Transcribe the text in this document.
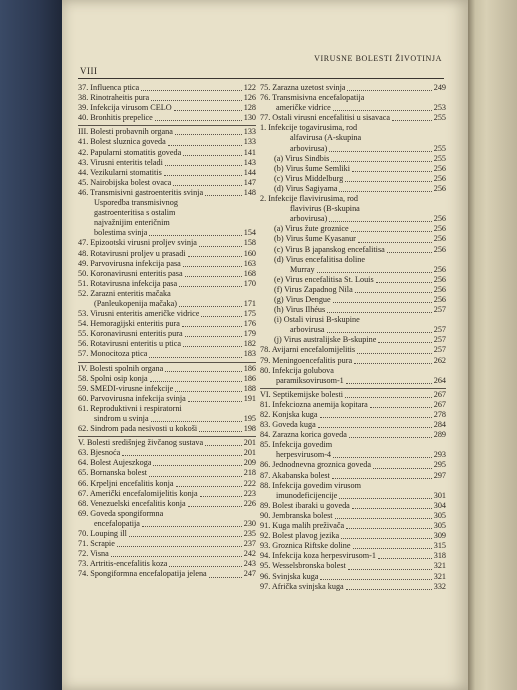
VIII
VIRUSNE BOLESTI ŽIVOTINJA
37. Influenca ptica	122
38. Rinotraheitis pura	126
39. Infekcija virusom CELO	128
40. Bronhitis prepelice	130
III. Bolesti probavnih organa	133
41. Bolest sluznica goveda	133
42. Papularni stomatitis goveda	141
43. Virusni enteritis teladi	143
44. Vezikularni stomatitis	144
45. Nairobijska bolest ovaca	147
46. Transmisivni gastroenteritis svinja	148
Usporedba transmisivnog
gastroenteritisa s ostalim
najvažnijim enteričnim
bolestima svinja	154
47. Epizootski virusni proljev svinja	158
48. Rotavirusni proljev u prasadi	160
49. Parvovirusna infekcija pasa	163
50. Koronavirusni enteritis pasa	168
51. Rotavirusna infekcija pasa	170
52. Zarazni enteritis mačaka
(Panleukopenija mačaka)	171
53. Virusni enteritis američke vidrice	175
54. Hemoragijski enteritis pura	176
55. Koronavirusni enteritis pura	179
56. Rotavirusni enteritis u ptica	182
57. Monocitoza ptica	183
IV. Bolesti spolnih organa	186
58. Spolni osip konja	186
59. SMEDI-virusne infekcije	188
60. Parvovirusna infekcija svinja	191
61. Reproduktivni i respiratorni
sindrom u svinja	195
62. Sindrom pada nesivosti u kokoši	198
V. Bolesti središnjeg živčanog sustava	201
63. Bjesnoća	201
64. Bolest Aujeszkoga	209
65. Bornanska bolest	218
66. Krpeljni encefalitis konja	222
67. Američki encefalomijelitis konja	223
68. Venezuelski encefalitis konja	226
69. Goveda spongiformna
encefalopatija	230
70. Louping ill	235
71. Scrapie	237
72. Visna	242
73. Artritis-encefalitis koza	243
74. Spongiformna encefalopatija jelena	247
75. Zarazna uzetost svinja	249
76. Transmisivna encefalopatija
američke vidrice	253
77. Ostali virusni encefalitisi u sisavaca	255
1. Infekcije togavirusima, rod
alfavirusa (A-skupina
arbovirusa)	255
(a) Virus Sindbis	255
(b) Virus šume Semliki	256
(c) Virus Middelburg	256
(d) Virus Sagiyama	256
2. Infekcije flavivirusima, rod
flavivirus (B-skupina
arbovirusa)	256
(a) Virus žute groznice	256
(b) Virus šume Kyasanur	256
(c) Virus B japanskog encefalitisa	256
(d) Virus encefalitisa doline
Murray	256
(e) Virus encefalitisa St. Louis	256
(f) Virus Zapadnog Nila	256
(g) Virus Dengue	256
(h) Virus Ilhéus	257
(i) Ostali virusi B-skupine
arbovirusa	257
(j) Virus australijske B-skupine	257
78. Avijarni encefalomijelitis	257
79. Meningoencefalitis pura	262
80. Infekcija golubova
paramiksovirusom-1	264
VI. Septikemijske bolesti	267
81. Infekciozna anemija kopitara	267
82. Konjska kuga	278
83. Goveda kuga	284
84. Zarazna korica goveda	289
85. Infekcija govedim
herpesvirusom-4	293
86. Jednodnevna groznica goveda	295
87. Akabanska bolest	297
88. Infekcija govedim virusom
imunodeficijencije	301
89. Bolest ibaraki u goveda	304
90. Jembranska bolest	305
91. Kuga malih preživača	305
92. Bolest plavog jezika	309
93. Groznica Riftske doline	315
94. Infekcija koza herpesvirusom-1	318
95. Wesselsbronska bolest	321
96. Svinjska kuga	321
97. Afrička svinjska kuga	332
